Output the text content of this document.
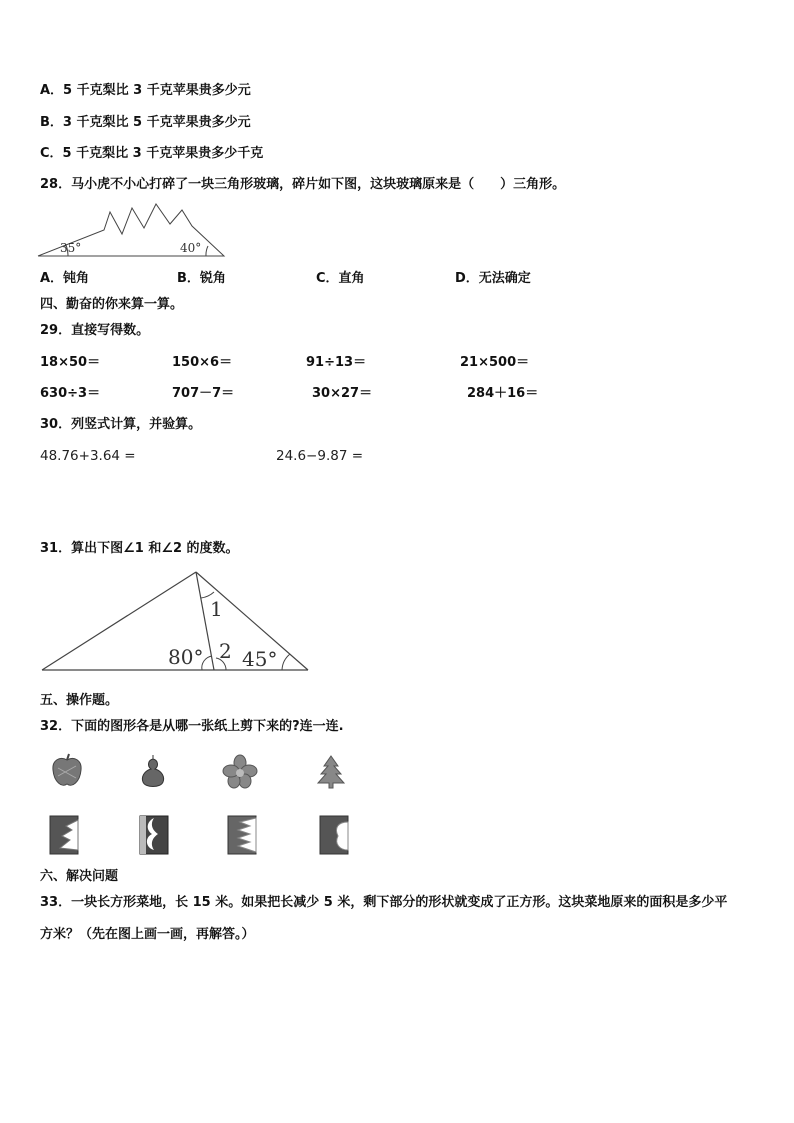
A．5 千克梨比 3 千克苹果贵多少元
B．3 千克梨比 5 千克苹果贵多少元
C．5 千克梨比 3 千克苹果贵多少千克
28．马小虎不小心打碎了一块三角形玻璃，碎片如下图，这块玻璃原来是（　　）三角形。
35°	40°
A．钝角	B．锐角	C．直角	D．无法确定
四、勤奋的你来算一算。
29．直接写得数。
18×50＝	150×6＝	91÷13＝	21×500＝
630÷3＝	707－7＝	30×27＝	284＋16＝
30．列竖式计算，并验算。
48.76+3.64 =	24.6−9.87 =
31．算出下图∠1 和∠2 的度数。
1
2
80° 45°
五、操作题。
32．下面的图形各是从哪一张纸上剪下来的?连一连.
六、解决问题
33．一块长方形菜地，长 15 米。如果把长减少 5 米，剩下部分的形状就变成了正方形。这块菜地原来的面积是多少平
方米？（先在图上画一画，再解答。）
